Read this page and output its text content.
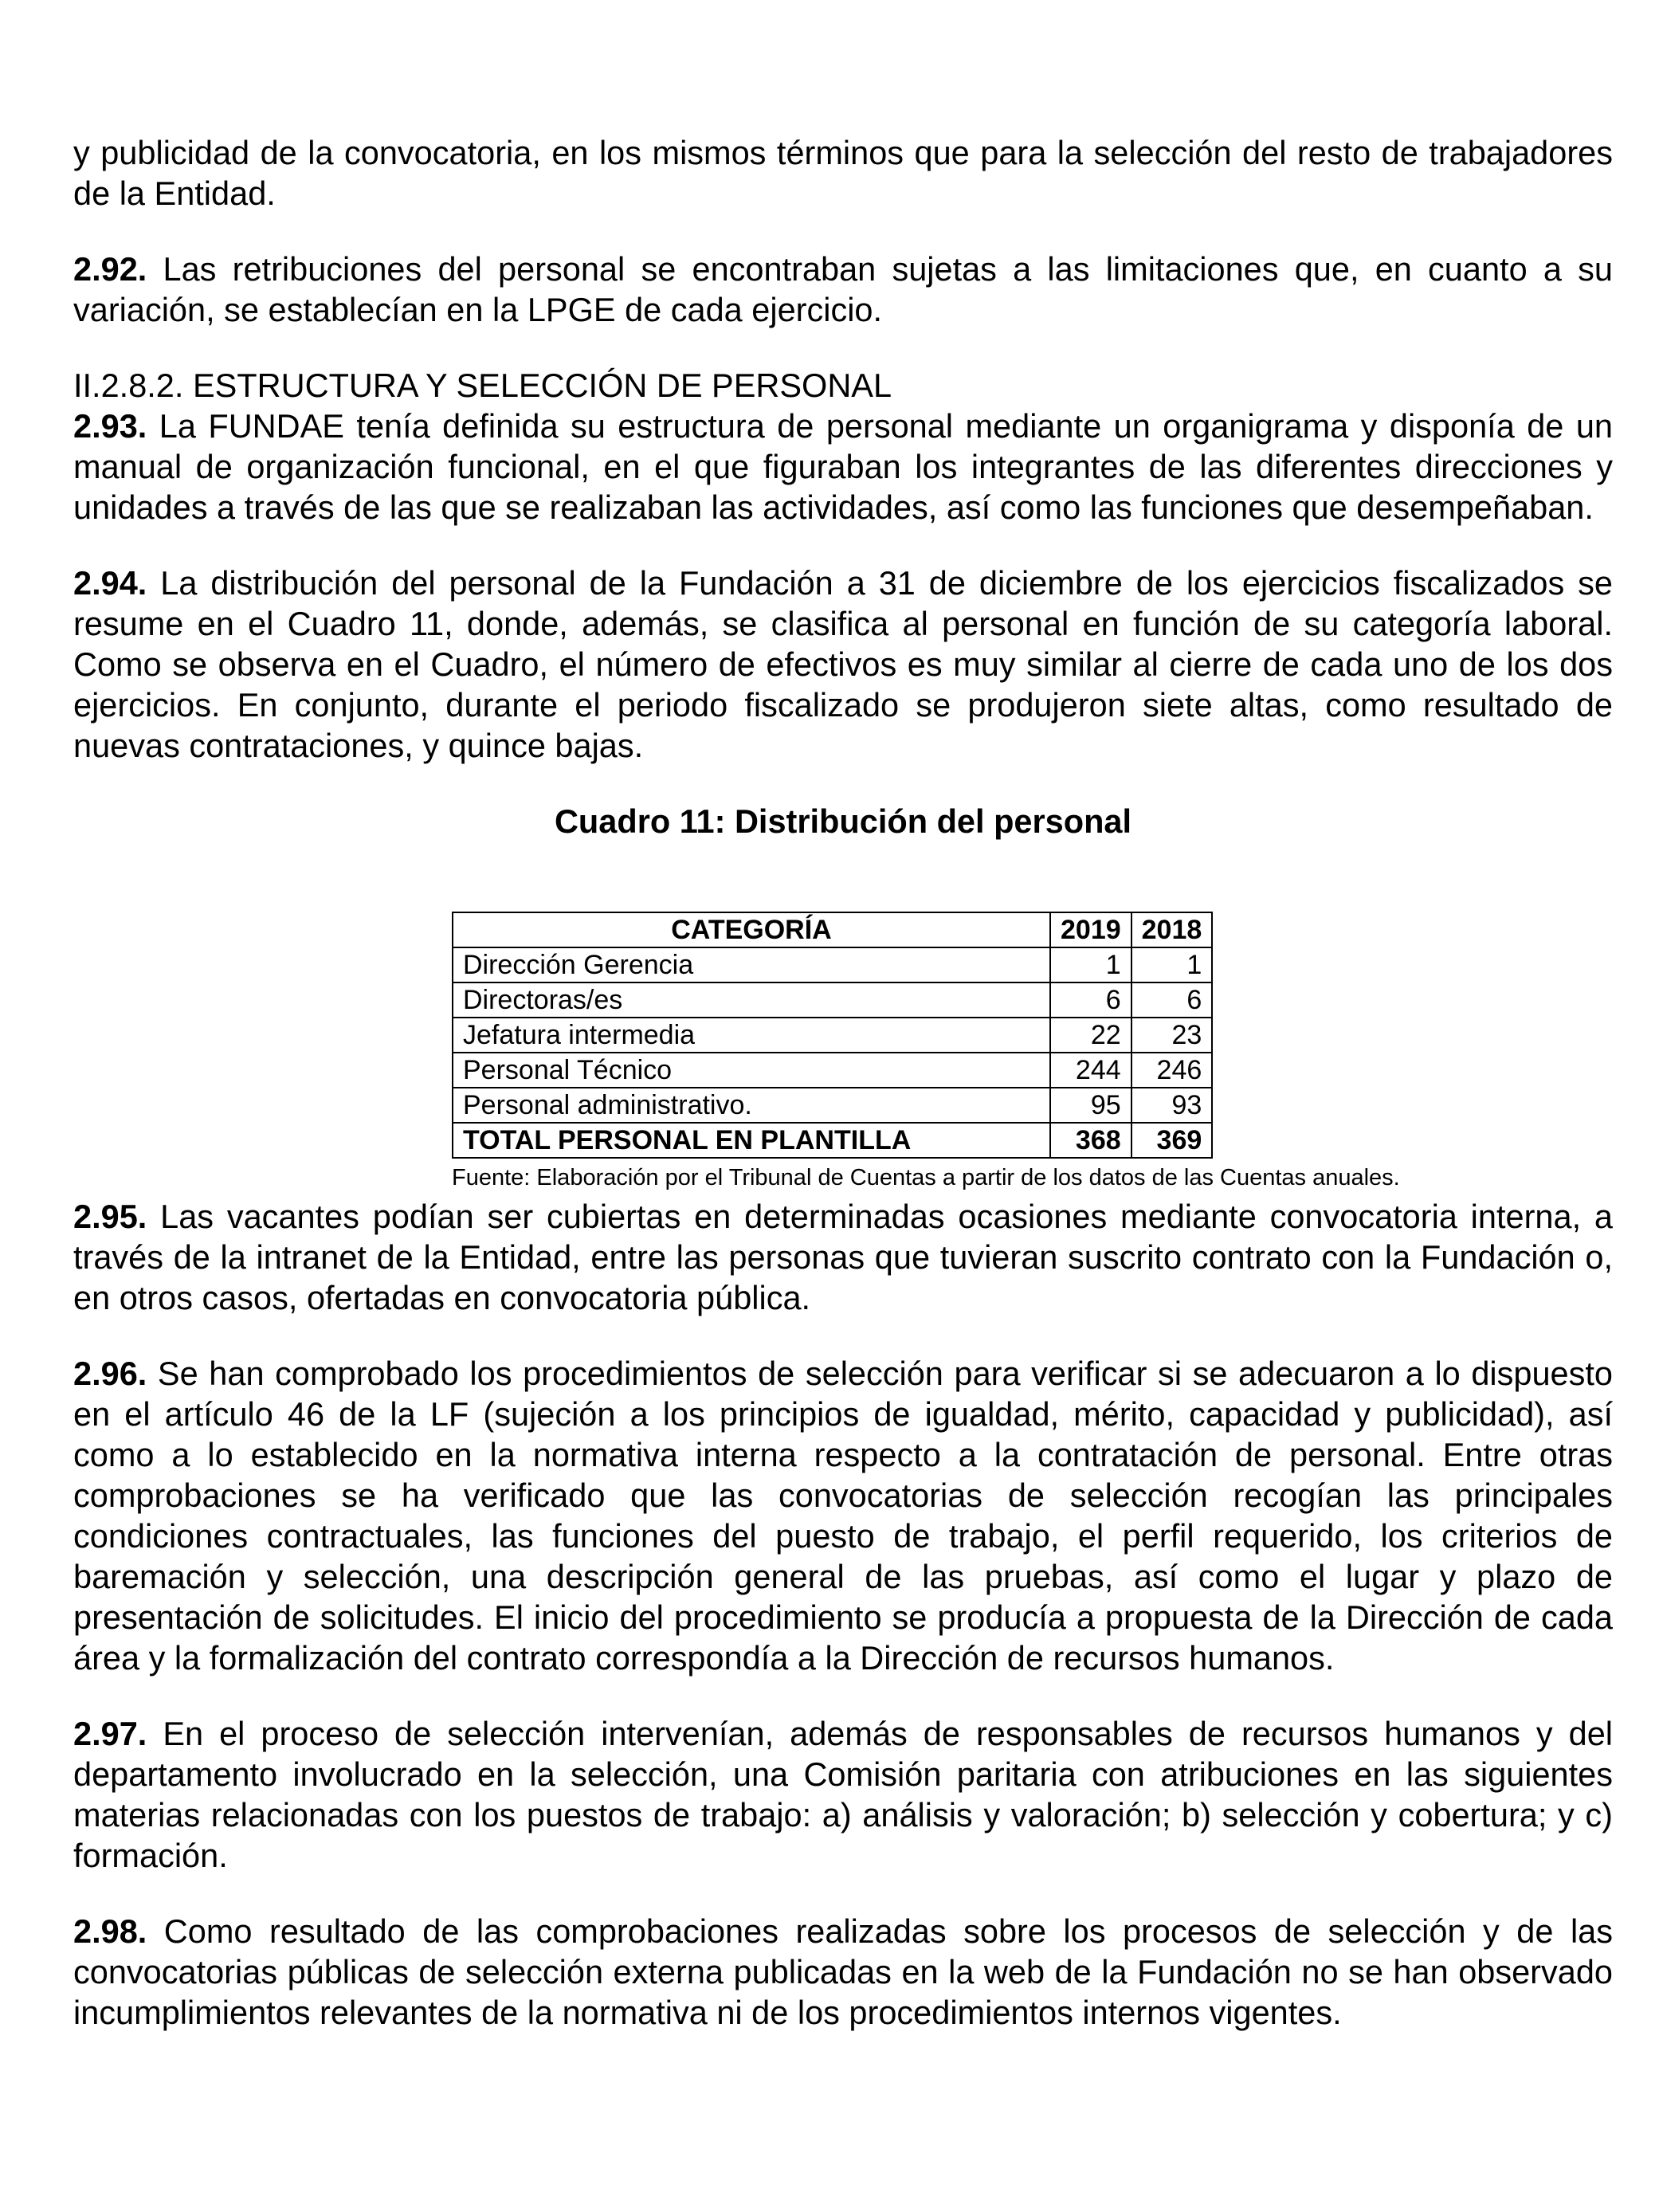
y publicidad de la convocatoria, en los mismos términos que para la selección del resto de trabajadores de la Entidad.

2.92. Las retribuciones del personal se encontraban sujetas a las limitaciones que, en cuanto a su variación, se establecían en la LPGE de cada ejercicio.

II.2.8.2. ESTRUCTURA Y SELECCIÓN DE PERSONAL

2.93. La FUNDAE tenía definida su estructura de personal mediante un organigrama y disponía de un manual de organización funcional, en el que figuraban los integrantes de las diferentes direcciones y unidades a través de las que se realizaban las actividades, así como las funciones que desempeñaban.

2.94. La distribución del personal de la Fundación a 31 de diciembre de los ejercicios fiscalizados se resume en el Cuadro 11, donde, además, se clasifica al personal en función de su categoría laboral. Como se observa en el Cuadro, el número de efectivos es muy similar al cierre de cada uno de los dos ejercicios. En conjunto, durante el periodo fiscalizado se produjeron siete altas, como resultado de nuevas contrataciones, y quince bajas.

Cuadro 11: Distribución del personal
CATEGORÍA	2019	2018
Dirección Gerencia	1	1
Directoras/es	6	6
Jefatura intermedia	22	23
Personal Técnico	244	246
Personal administrativo.	95	93
TOTAL PERSONAL EN PLANTILLA	368	369
Fuente: Elaboración por el Tribunal de Cuentas a partir de los datos de las Cuentas anuales.

2.95. Las vacantes podían ser cubiertas en determinadas ocasiones mediante convocatoria interna, a través de la intranet de la Entidad, entre las personas que tuvieran suscrito contrato con la Fundación o, en otros casos, ofertadas en convocatoria pública.

2.96. Se han comprobado los procedimientos de selección para verificar si se adecuaron a lo dispuesto en el artículo 46 de la LF (sujeción a los principios de igualdad, mérito, capacidad y publicidad), así como a lo establecido en la normativa interna respecto a la contratación de personal. Entre otras comprobaciones se ha verificado que las convocatorias de selección recogían las principales condiciones contractuales, las funciones del puesto de trabajo, el perfil requerido, los criterios de baremación y selección, una descripción general de las pruebas, así como el lugar y plazo de presentación de solicitudes. El inicio del procedimiento se producía a propuesta de la Dirección de cada área y la formalización del contrato correspondía a la Dirección de recursos humanos.

2.97. En el proceso de selección intervenían, además de responsables de recursos humanos y del departamento involucrado en la selección, una Comisión paritaria con atribuciones en las siguientes materias relacionadas con los puestos de trabajo: a) análisis y valoración; b) selección y cobertura; y c) formación.

2.98. Como resultado de las comprobaciones realizadas sobre los procesos de selección y de las convocatorias públicas de selección externa publicadas en la web de la Fundación no se han observado incumplimientos relevantes de la normativa ni de los procedimientos internos vigentes.
